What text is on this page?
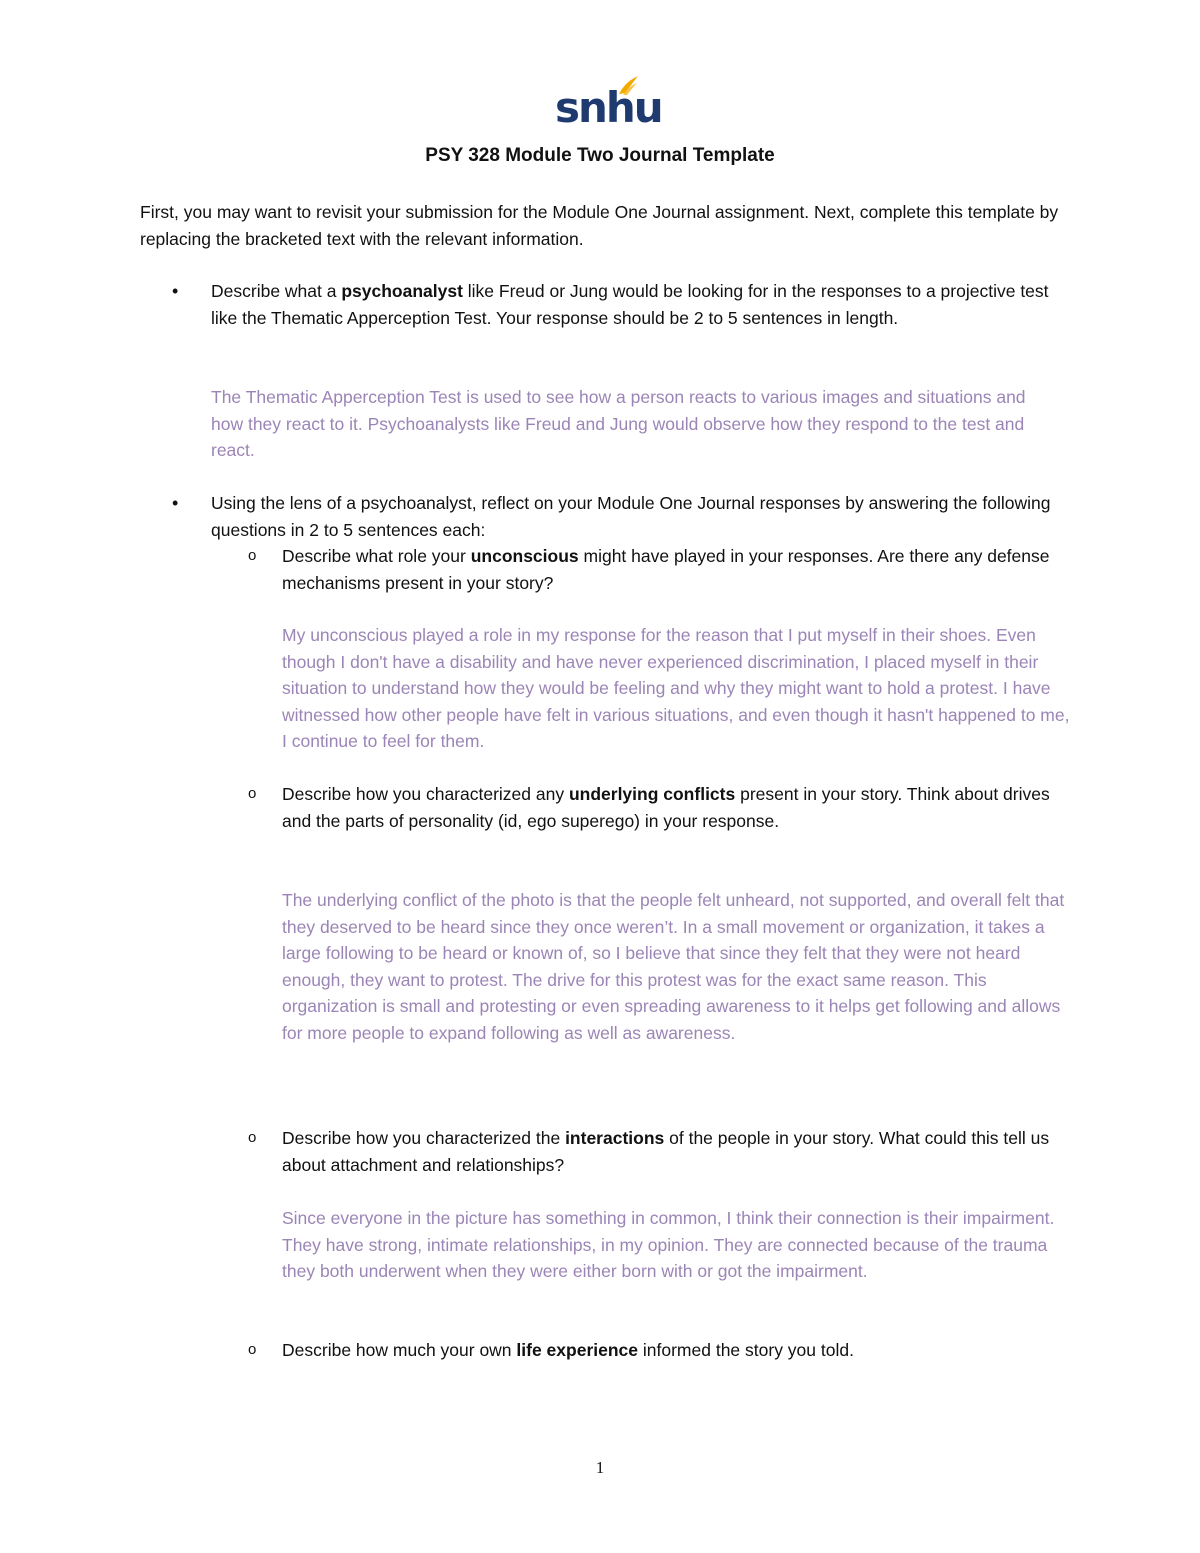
snhu
PSY 328 Module Two Journal Template
First, you may want to revisit your submission for the Module One Journal assignment. Next, complete this template by replacing the bracketed text with the relevant information.
• Describe what a psychoanalyst like Freud or Jung would be looking for in the responses to a projective test like the Thematic Apperception Test. Your response should be 2 to 5 sentences in length.
The Thematic Apperception Test is used to see how a person reacts to various images and situations and how they react to it. Psychoanalysts like Freud and Jung would observe how they respond to the test and react.
• Using the lens of a psychoanalyst, reflect on your Module One Journal responses by answering the following questions in 2 to 5 sentences each:
o Describe what role your unconscious might have played in your responses. Are there any defense mechanisms present in your story?
My unconscious played a role in my response for the reason that I put myself in their shoes. Even though I don't have a disability and have never experienced discrimination, I placed myself in their situation to understand how they would be feeling and why they might want to hold a protest. I have witnessed how other people have felt in various situations, and even though it hasn't happened to me, I continue to feel for them.
o Describe how you characterized any underlying conflicts present in your story. Think about drives and the parts of personality (id, ego superego) in your response.
The underlying conflict of the photo is that the people felt unheard, not supported, and overall felt that they deserved to be heard since they once weren’t. In a small movement or organization, it takes a large following to be heard or known of, so I believe that since they felt that they were not heard enough, they want to protest. The drive for this protest was for the exact same reason. This organization is small and protesting or even spreading awareness to it helps get following and allows for more people to expand following as well as awareness.
o Describe how you characterized the interactions of the people in your story. What could this tell us about attachment and relationships?
Since everyone in the picture has something in common, I think their connection is their impairment. They have strong, intimate relationships, in my opinion. They are connected because of the trauma they both underwent when they were either born with or got the impairment.
o Describe how much your own life experience informed the story you told.
1
